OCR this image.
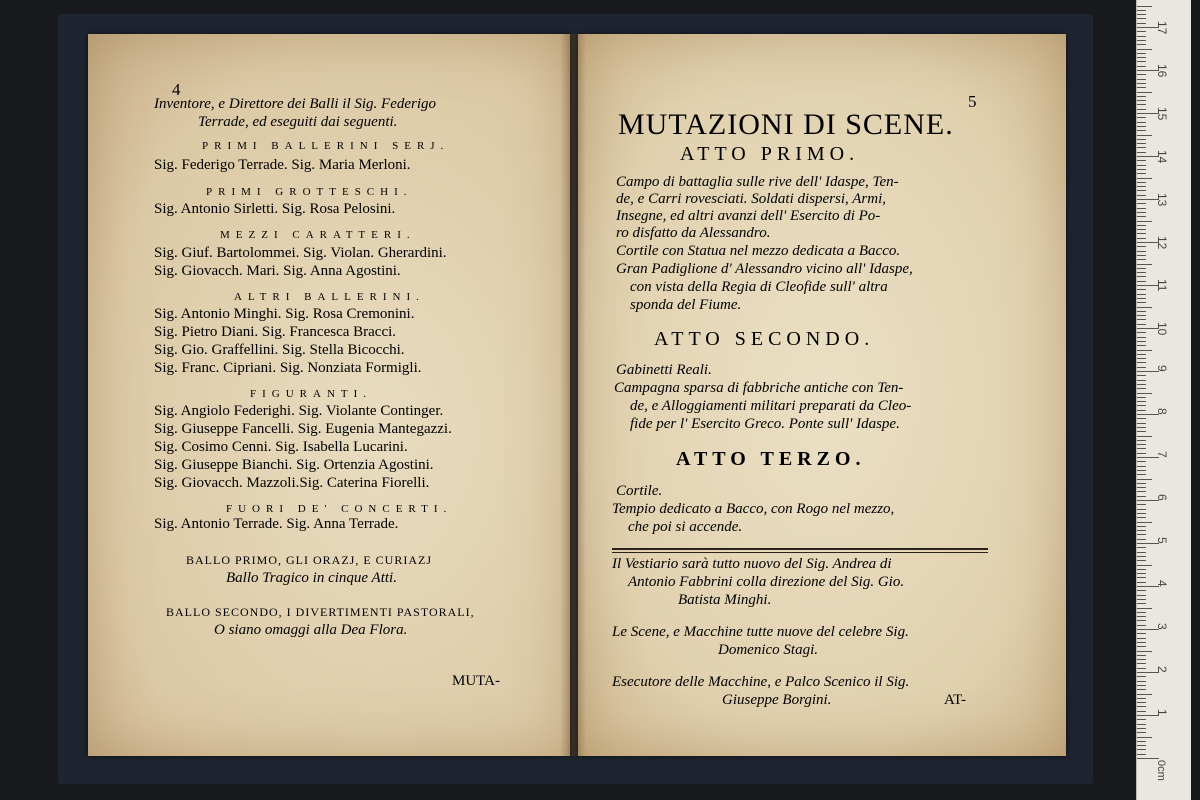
4
Inventore, e Direttore dei Balli il Sig. Federigo
Terrade, ed eseguiti dai seguenti.
PRIMI BALLERINI SERJ.
Sig. Federigo Terrade. Sig. Maria Merloni.
PRIMI GROTTESCHI.
Sig. Antonio Sirletti. Sig. Rosa Pelosini.
MEZZI CARATTERI.
Sig. Giuf. Bartolommei. Sig. Violan. Gherardini.
Sig. Giovacch. Mari. Sig. Anna Agostini.
ALTRI BALLERINI.
Sig. Antonio Minghi. Sig. Rosa Cremonini.
Sig. Pietro Diani. Sig. Francesca Bracci.
Sig. Gio. Graffellini. Sig. Stella Bicocchi.
Sig. Franc. Cipriani. Sig. Nonziata Formigli.
FIGURANTI.
Sig. Angiolo Federighi. Sig. Violante Continger.
Sig. Giuseppe Fancelli. Sig. Eugenia Mantegazzi.
Sig. Cosimo Cenni. Sig. Isabella Lucarini.
Sig. Giuseppe Bianchi. Sig. Ortenzia Agostini.
Sig. Giovacch. Mazzoli.Sig. Caterina Fiorelli.
FUORI DE' CONCERTI.
Sig. Antonio Terrade. Sig. Anna Terrade.
BALLO PRIMO, GLI ORAZJ, E CURIAZJ
Ballo Tragico in cinque Atti.
BALLO SECONDO, I DIVERTIMENTI PASTORALI,
O siano omaggi alla Dea Flora.
MUTA-
5
MUTAZIONI DI SCENE.
ATTO PRIMO.
Campo di battaglia sulle rive dell' Idaspe, Ten-
de, e Carri rovesciati. Soldati dispersi, Armi,
Insegne, ed altri avanzi dell' Esercito di Po-
ro disfatto da Alessandro.
Cortile con Statua nel mezzo dedicata a Bacco.
Gran Padiglione d' Alessandro vicino all' Idaspe,
con vista della Regia di Cleofide sull' altra
sponda del Fiume.
ATTO SECONDO.
Gabinetti Reali.
Campagna sparsa di fabbriche antiche con Ten-
de, e Alloggiamenti militari preparati da Cleo-
fide per l' Esercito Greco. Ponte sull' Idaspe.
ATTO TERZO.
Cortile.
Tempio dedicato a Bacco, con Rogo nel mezzo,
che poi si accende.
Il Vestiario sarà tutto nuovo del Sig. Andrea di
Antonio Fabbrini colla direzione del Sig. Gio.
Batista Minghi.
Le Scene, e Macchine tutte nuove del celebre Sig.
Domenico Stagi.
Esecutore delle Macchine, e Palco Scenico il Sig.
Giuseppe Borgini.	AT-
0cm
1
2
3
4
5
6
7
8
9
10
11
12
13
14
15
16
17
